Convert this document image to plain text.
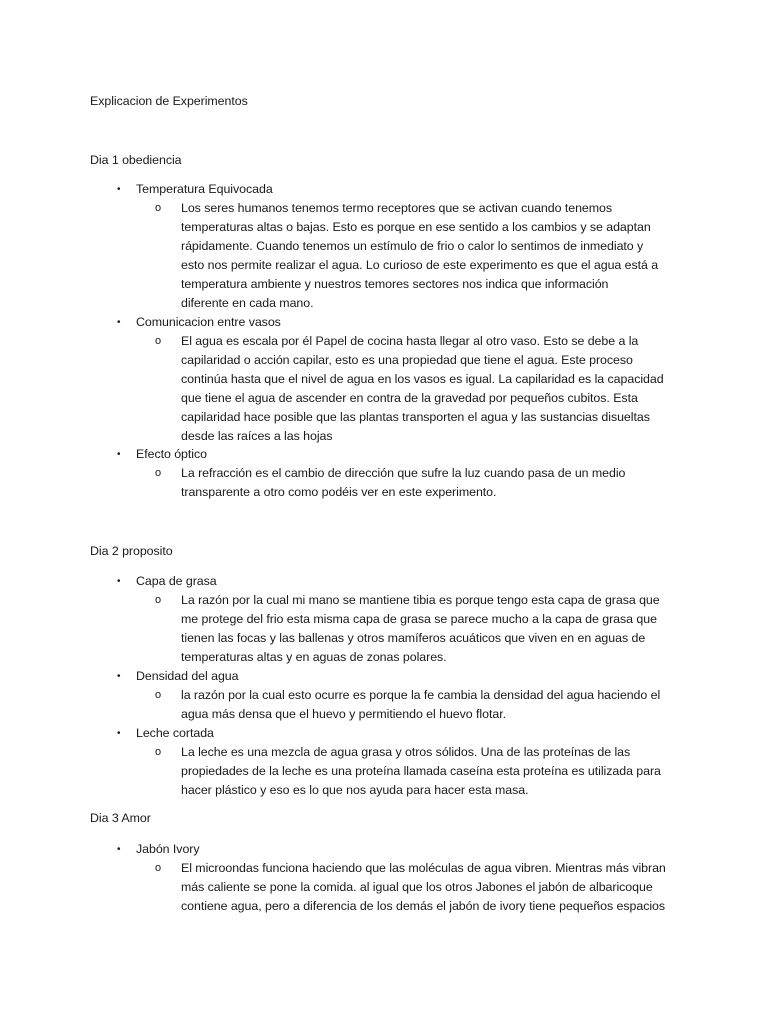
Explicacion de Experimentos
Dia 1 obediencia
• Temperatura Equivocada
o Los seres humanos tenemos termo receptores que se activan cuando tenemos
temperaturas altas o bajas. Esto es porque en ese sentido a los cambios y se adaptan
rápidamente. Cuando tenemos un estímulo de frio o calor lo sentimos de inmediato y
esto nos permite realizar el agua. Lo curioso de este experimento es que el agua está a
temperatura ambiente y nuestros temores sectores nos indica que información
diferente en cada mano.
• Comunicacion entre vasos
o El agua es escala por él Papel de cocina hasta llegar al otro vaso. Esto se debe a la
capilaridad o acción capilar, esto es una propiedad que tiene el agua. Este proceso
continúa hasta que el nivel de agua en los vasos es igual. La capilaridad es la capacidad
que tiene el agua de ascender en contra de la gravedad por pequeños cubitos. Esta
capilaridad hace posible que las plantas transporten el agua y las sustancias disueltas
desde las raíces a las hojas
• Efecto óptico
o La refracción es el cambio de dirección que sufre la luz cuando pasa de un medio
transparente a otro como podéis ver en este experimento.
Dia 2 proposito
• Capa de grasa
o La razón por la cual mi mano se mantiene tibia es porque tengo esta capa de grasa que
me protege del frio esta misma capa de grasa se parece mucho a la capa de grasa que
tienen las focas y las ballenas y otros mamíferos acuáticos que viven en en aguas de
temperaturas altas y en aguas de zonas polares.
• Densidad del agua
o la razón por la cual esto ocurre es porque la fe cambia la densidad del agua haciendo el
agua más densa que el huevo y permitiendo el huevo flotar.
• Leche cortada
o La leche es una mezcla de agua grasa y otros sólidos. Una de las proteínas de las
propiedades de la leche es una proteína llamada caseína esta proteína es utilizada para
hacer plástico y eso es lo que nos ayuda para hacer esta masa.
Dia 3 Amor
• Jabón Ivory
o El microondas funciona haciendo que las moléculas de agua vibren. Mientras más vibran
más caliente se pone la comida. al igual que los otros Jabones el jabón de albaricoque
contiene agua, pero a diferencia de los demás el jabón de ivory tiene pequeños espacios
